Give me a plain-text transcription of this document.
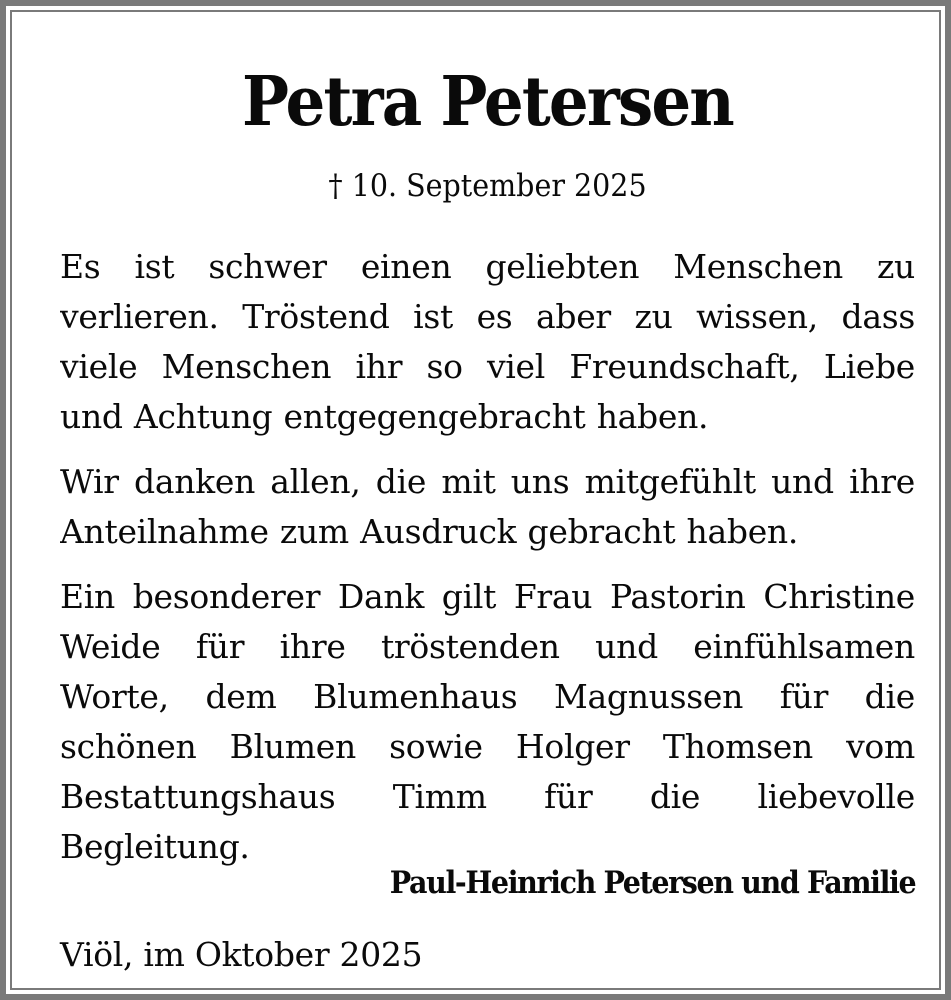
Petra Petersen
† 10. September 2025
Es ist schwer einen geliebten Menschen zu
verlieren. Tröstend ist es aber zu wissen, dass
viele Menschen ihr so viel Freundschaft, Liebe
und Achtung entgegengebracht haben.
Wir danken allen, die mit uns mitgefühlt und ihre
Anteilnahme zum Ausdruck gebracht haben.
Ein besonderer Dank gilt Frau Pastorin Christine
Weide für ihre tröstenden und einfühlsamen
Worte, dem Blumenhaus Magnussen für die
schönen Blumen sowie Holger Thomsen vom
Bestattungshaus Timm für die liebevolle
Begleitung.
Paul-Heinrich Petersen und Familie
Viöl, im Oktober 2025
